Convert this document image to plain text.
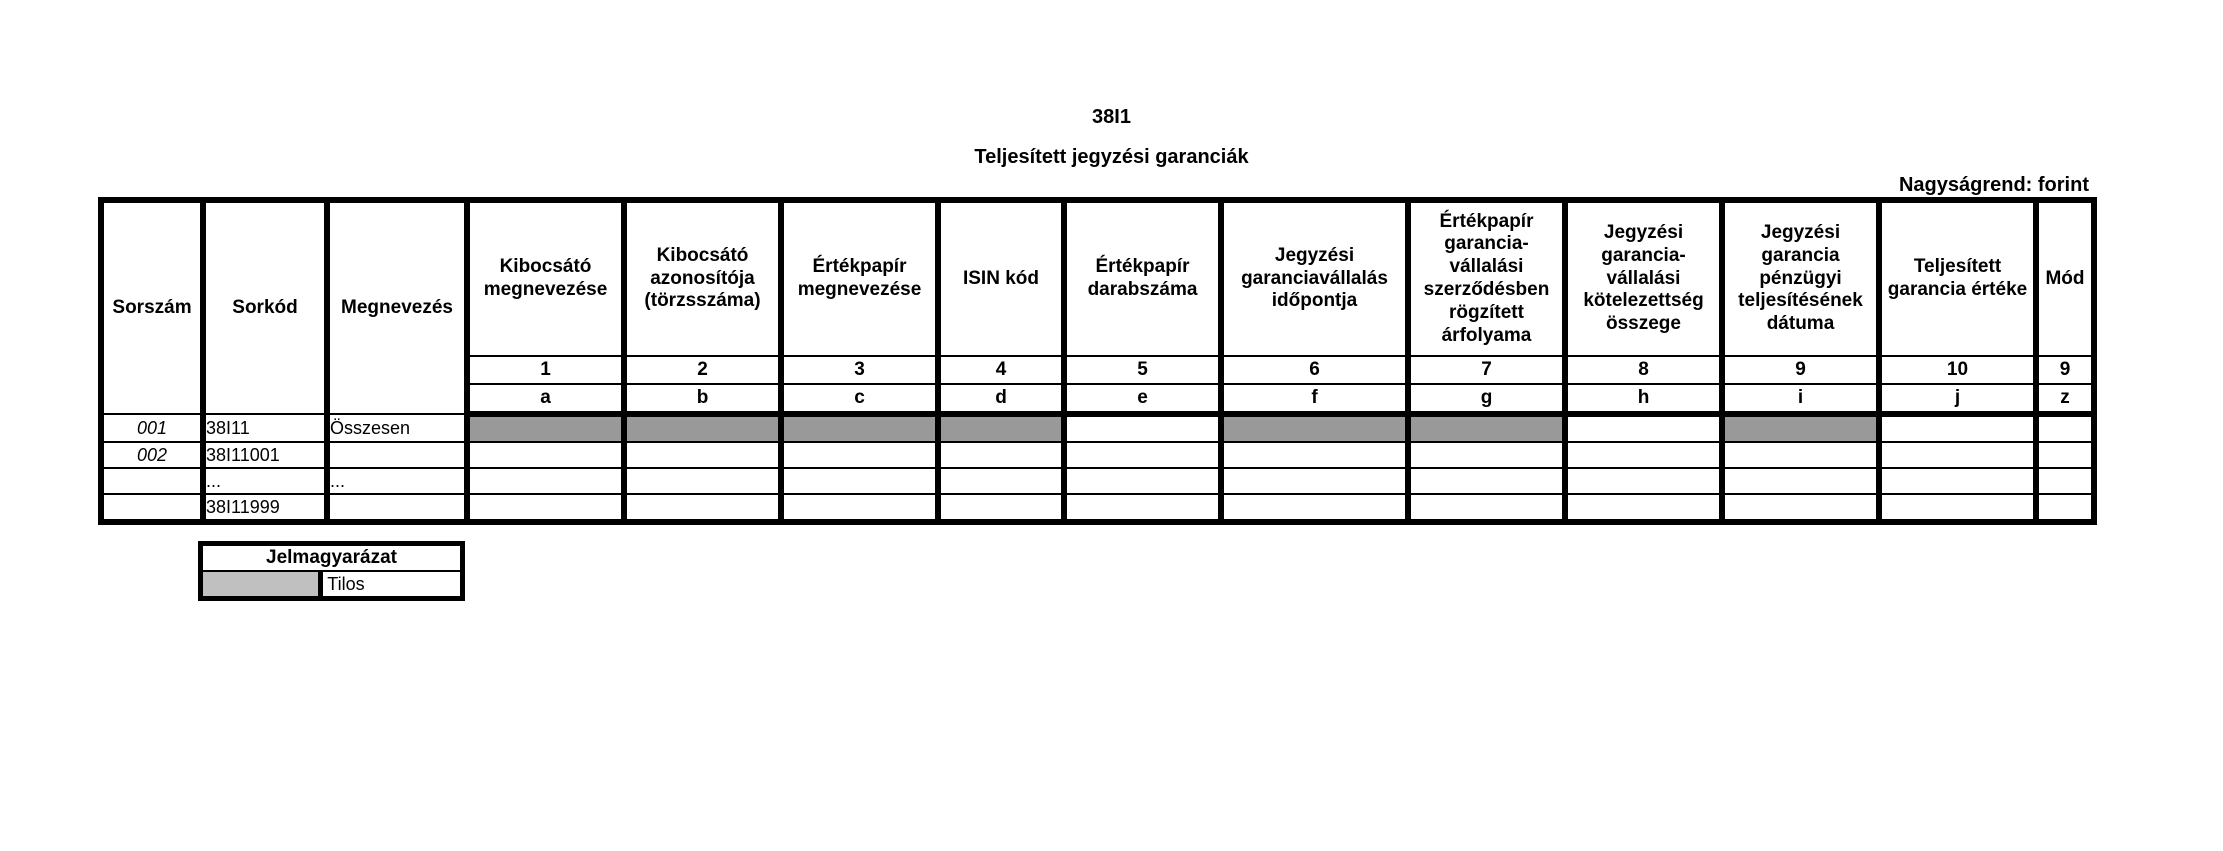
38I1
Teljesített jegyzési garanciák
Nagyságrend: forint
Sorszám	Sorkód	Megnevezés	Kibocsátó megnevezése	Kibocsátó azonosítója (törzsszáma)	Értékpapír megnevezése	ISIN kód	Értékpapír darabszáma	Jegyzési garanciavállalás időpontja	Értékpapír garancia-vállalási szerződésben rögzített árfolyama	Jegyzési garancia-vállalási kötelezettség összege	Jegyzési garancia pénzügyi teljesítésének dátuma	Teljesített garancia értéke	Mód
			1	2	3	4	5	6	7	8	9	10	9
			a	b	c	d	e	f	g	h	i	j	z
001	38I11	Összesen											
002	38I11001												
	...	...											
	38I11999												
Jelmagyarázat
	Tilos
